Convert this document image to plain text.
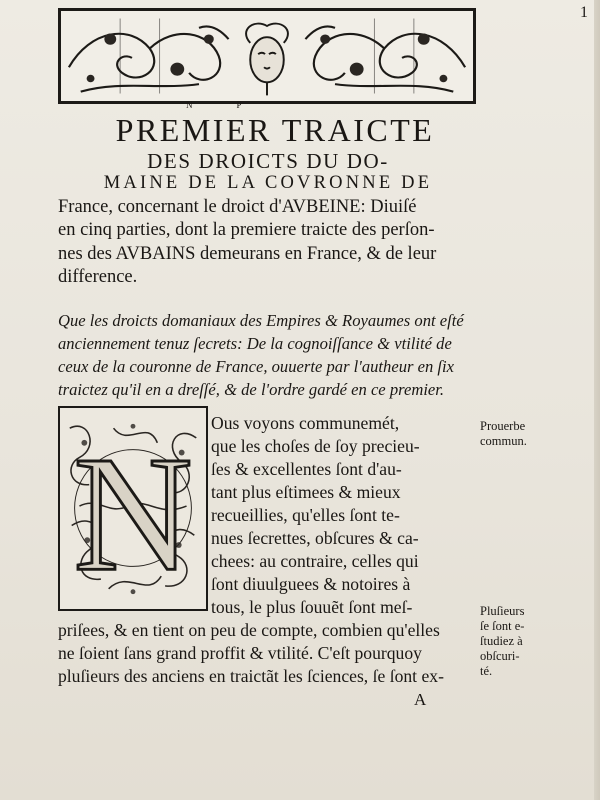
1
NP
PREMIER TRAICTE
DES DROICTS DU DO-
MAINE DE LA COVRONNE DE
France, concernant le droict d'AVBEINE: Diuiſé
en cinq parties, dont la premiere traicte des perſon-
nes des AVBAINS demeurans en France, & de leur
difference.
Que les droicts domaniaux des Empires & Royaumes ont eſté
anciennement tenuz ſecrets: De la cognoiſſance & vtilité de
ceux de la couronne de France, ouuerte par l'autheur en ſix
traictez qu'il en a dreſſé, & de l'ordre gardé en ce premier.
N	Ous voyons communemét,
que les choſes de ſoy precieu-
ſes & excellentes ſont d'au-
tant plus eſtimees & mieux
recueillies, qu'elles ſont te-
nues ſecrettes, obſcures & ca-
chees: au contraire, celles qui
ſont diuulguees & notoires à
tous, le plus ſouuẽt ſont meſ-
priſees, & en tient on peu de compte, combien qu'elles
ne ſoient ſans grand proffit & vtilité. C'eſt pourquoy
pluſieurs des anciens en traictãt les ſciences, ſe ſont ex-
A
Prouerbe
commun.
Pluſieurs
ſe ſont e-
ſtudiez à
obſcuri-
té.
